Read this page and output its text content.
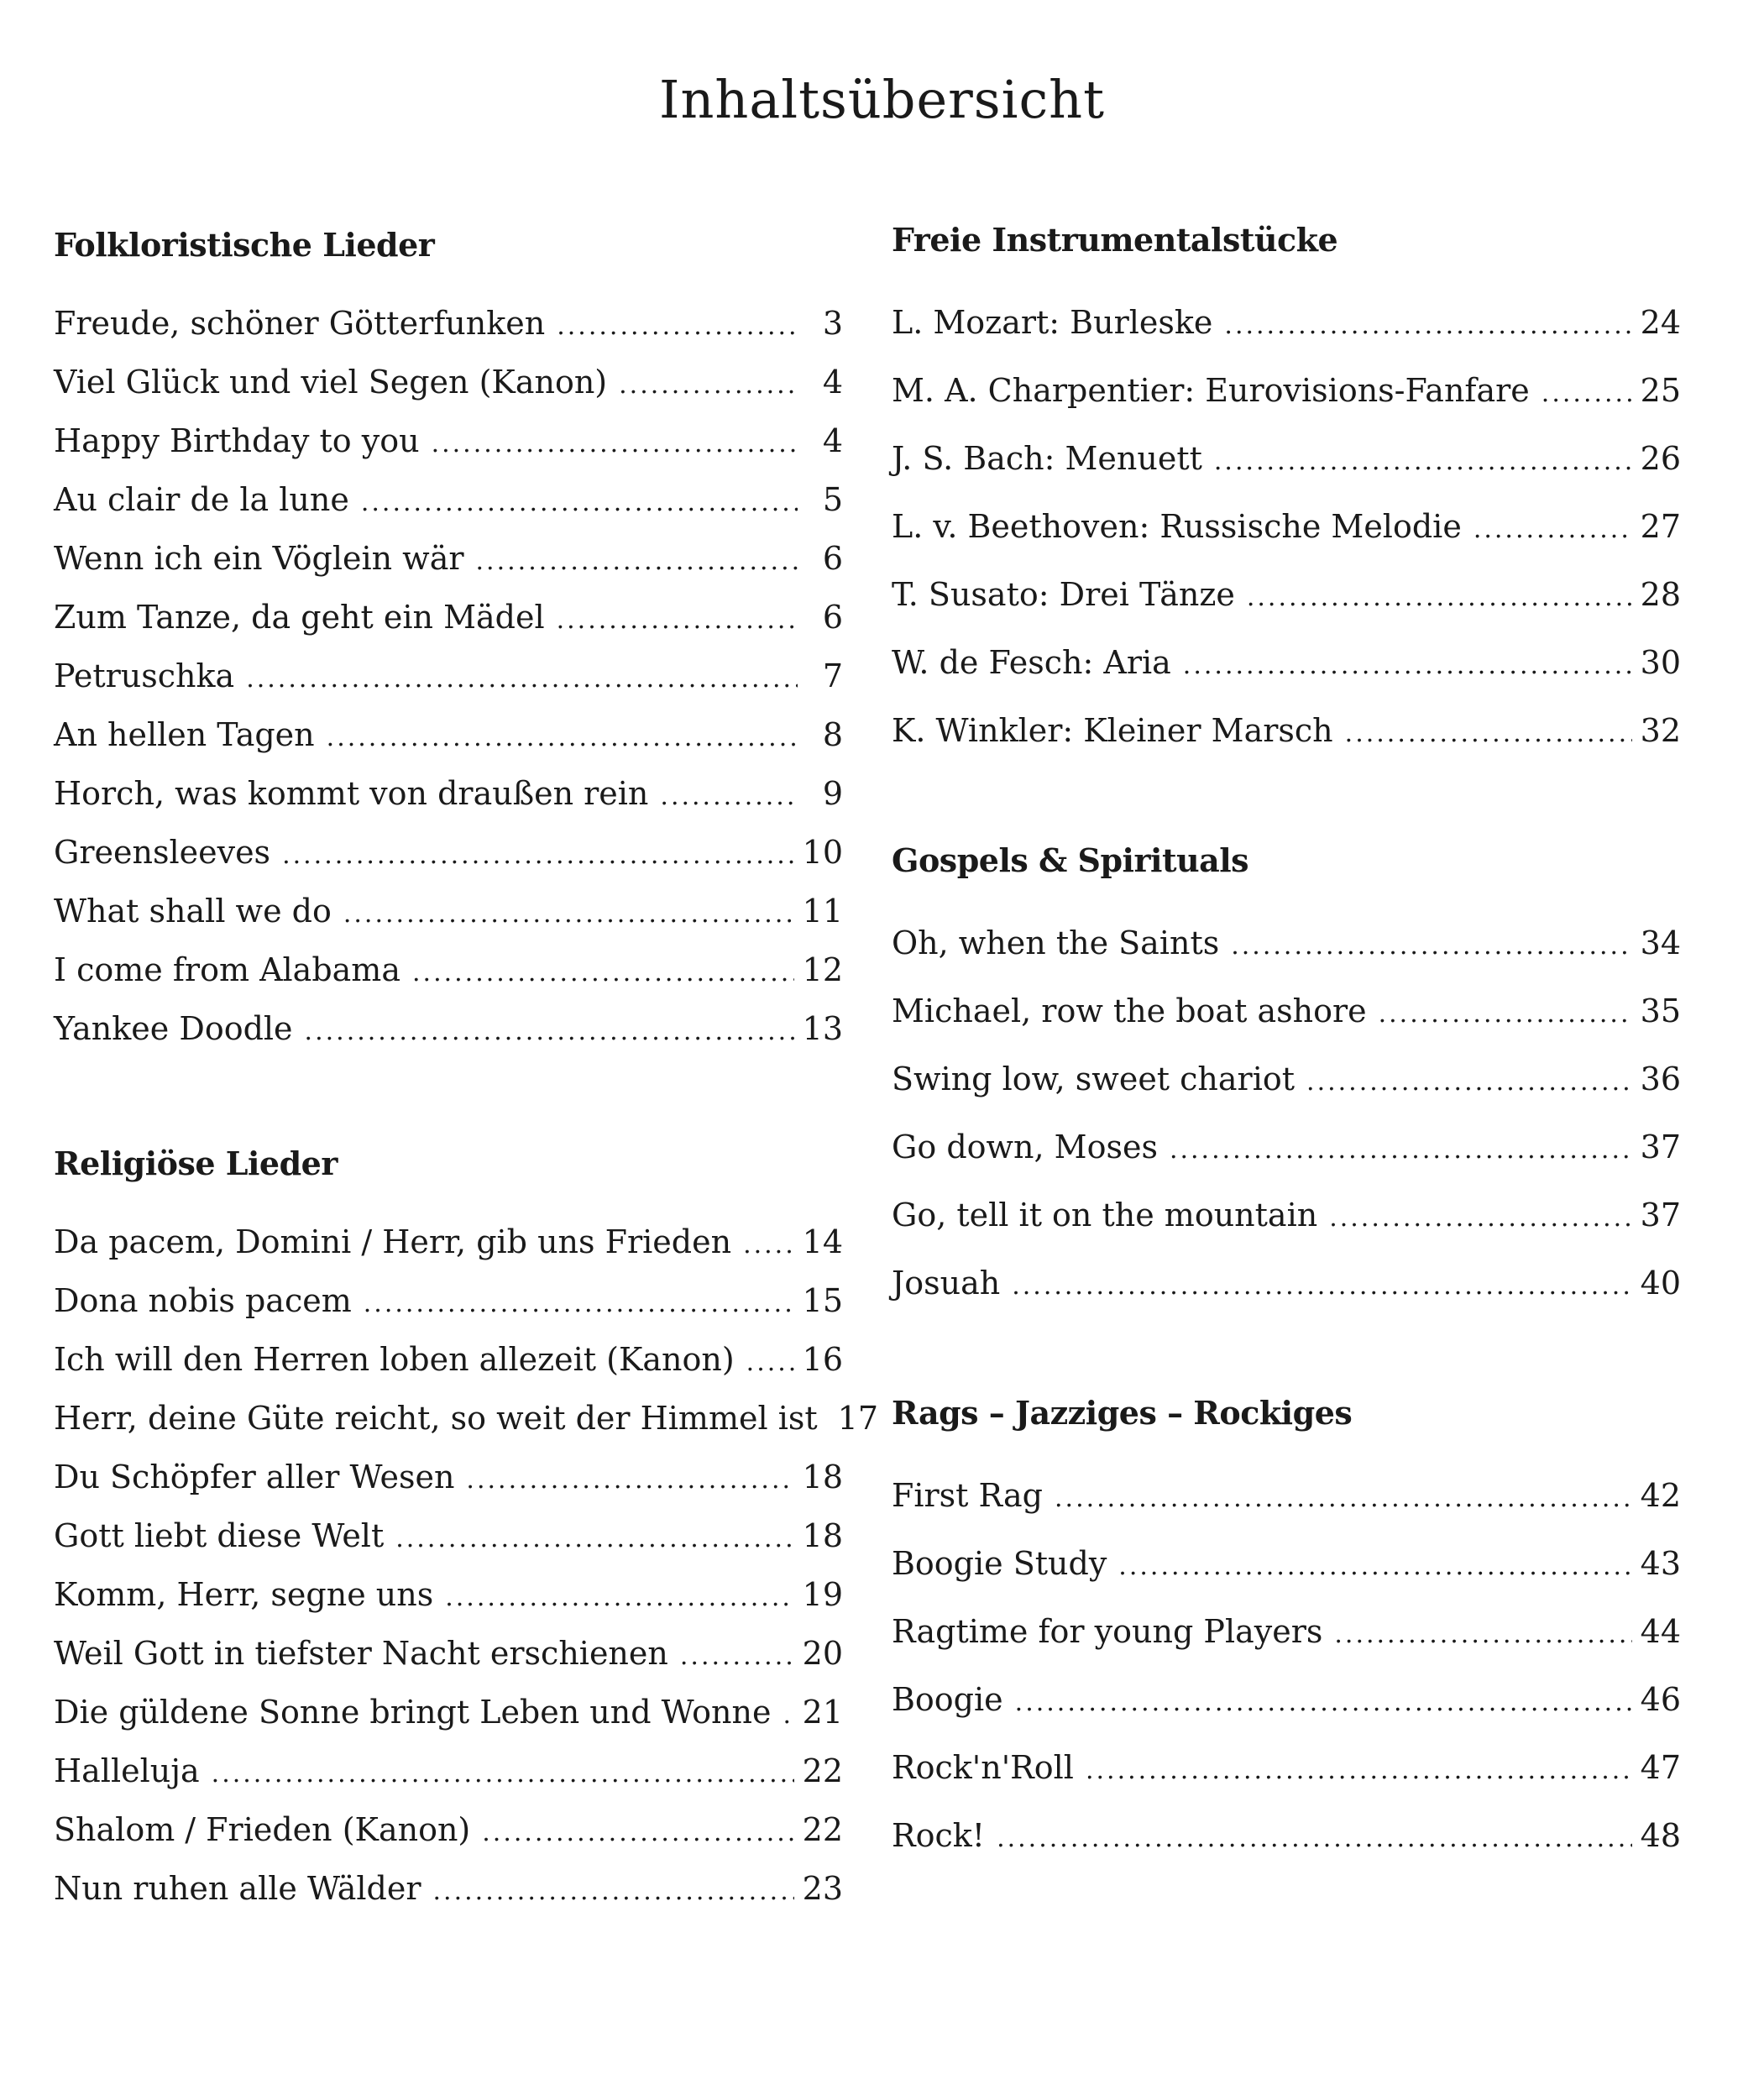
Inhaltsübersicht
Folkloristische Lieder
Freude, schöner Götterfunken .....	3
Viel Glück und viel Segen (Kanon) .....	4
Happy Birthday to you .....	4
Au clair de la lune .....	5
Wenn ich ein Vöglein wär .....	6
Zum Tanze, da geht ein Mädel .....	6
Petruschka .....	7
An hellen Tagen .....	8
Horch, was kommt von draußen rein .....	9
Greensleeves .....	10
What shall we do .....	11
I come from Alabama .....	12
Yankee Doodle .....	13
Religiöse Lieder
Da pacem, Domini / Herr, gib uns Frieden ..... 14
Dona nobis pacem .....	15
Ich will den Herren loben allezeit (Kanon) ..... 16
Herr, deine Güte reicht, so weit der Himmel ist 17
Du Schöpfer aller Wesen .....	18
Gott liebt diese Welt .....	18
Komm, Herr, segne uns .....	19
Weil Gott in tiefster Nacht erschienen .....	20
Die güldene Sonne bringt Leben und Wonne ..... 21
Halleluja .....	22
Shalom / Frieden (Kanon) .....	22
Nun ruhen alle Wälder .....	23
Freie Instrumentalstücke
L. Mozart: Burleske .....	24
M. A. Charpentier: Eurovisions-Fanfare .....	25
J. S. Bach: Menuett .....	26
L. v. Beethoven: Russische Melodie .....	27
T. Susato: Drei Tänze .....	28
W. de Fesch: Aria .....	30
K. Winkler: Kleiner Marsch .....	32
Gospels & Spirituals
Oh, when the Saints .....	34
Michael, row the boat ashore .....	35
Swing low, sweet chariot .....	36
Go down, Moses .....	37
Go, tell it on the mountain .....	37
Josuah .....	40
Rags – Jazziges – Rockiges
First Rag .....	42
Boogie Study .....	43
Ragtime for young Players .....	44
Boogie .....	46
Rock'n'Roll .....	47
Rock! .....	48
